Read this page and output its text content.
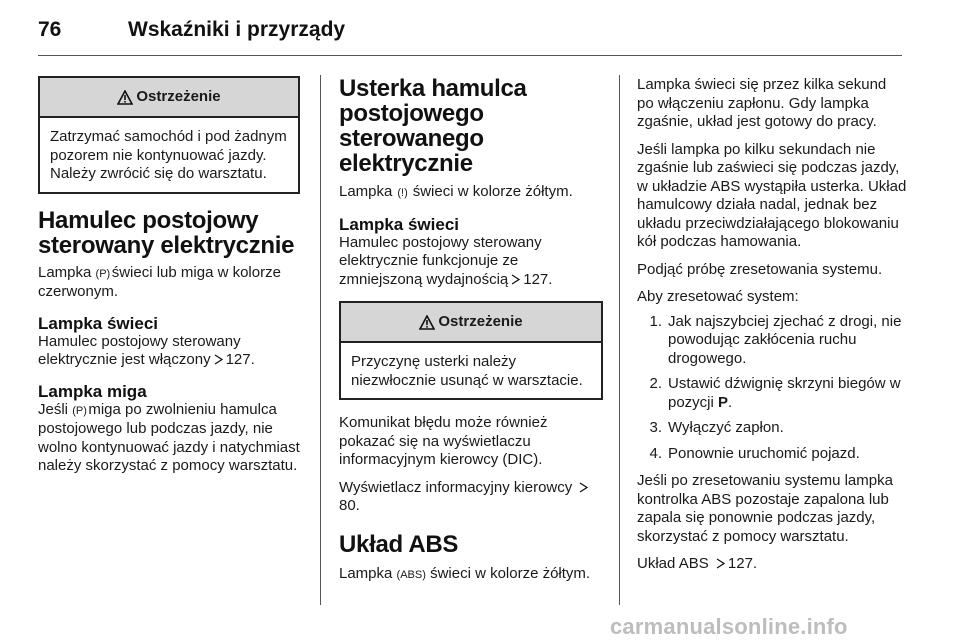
76	Wskaźniki i przyrządy
Ostrzeżenie
Zatrzymać samochód i pod żadnym pozorem nie kontynuować jazdy. Należy zwrócić się do warsztatu.
Hamulec postojowy sterowany elektrycznie

Lampka (P) świeci lub miga w kolorze czerwonym.

Lampka świeci

Hamulec postojowy sterowany elektrycznie jest włączony 127.

Lampka miga

Jeśli (P) miga po zwolnieniu hamulca postojowego lub podczas jazdy, nie wolno kontynuować jazdy i natychmiast należy skorzystać z pomocy warsztatu.

Usterka hamulca postojowego sterowanego elektrycznie

Lampka (!) świeci w kolorze żółtym.

Lampka świeci

Hamulec postojowy sterowany elektrycznie funkcjonuje ze zmniejszoną wydajnością 127.

Ostrzeżenie
Przyczynę usterki należy niezwłocznie usunąć w warsztacie.

Komunikat błędu może również pokazać się na wyświetlaczu informacyjnym kierowcy (DIC).

Wyświetlacz informacyjny kierowcy
80.

Układ ABS

Lampka (ABS) świeci w kolorze żółtym.

Lampka świeci się przez kilka sekund po włączeniu zapłonu. Gdy lampka zgaśnie, układ jest gotowy do pracy.

Jeśli lampka po kilku sekundach nie zgaśnie lub zaświeci się podczas jazdy, w układzie ABS wystąpiła usterka. Układ hamulcowy działa nadal, jednak bez układu przeciwdziałającego blokowaniu kół podczas hamowania.

Podjąć próbę zresetowania systemu.

Aby zresetować system:

1. Jak najszybciej zjechać z drogi, nie powodując zakłócenia ruchu drogowego.
2. Ustawić dźwignię skrzyni biegów w pozycji P.
3. Wyłączyć zapłon.
4. Ponownie uruchomić pojazd.

Jeśli po zresetowaniu systemu lampka kontrolka ABS pozostaje zapalona lub zapala się ponownie podczas jazdy, skorzystać z pomocy warsztatu.

Układ ABS 127.

carmanualsonline.info
